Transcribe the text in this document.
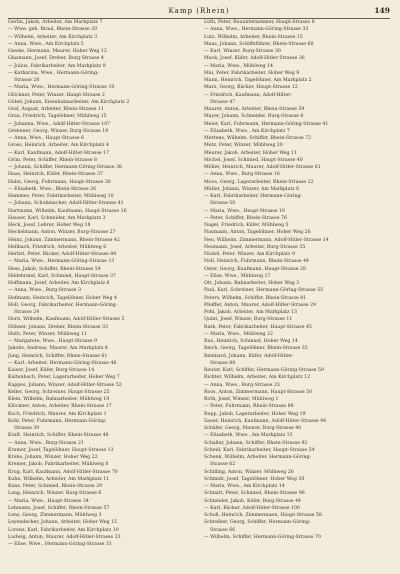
Kamp (Rhein)	149
Gerlin, Jakob, Arbeiter, Am Markplatz 7
— Wwe. geb. Braul, Rhein-Strasse 20
— Wilhelm, Arbeiter, Am Kirchplatz 3
— Anna, Wwe., Am Kirchplatz 5
Gieske, Hermann, Maurer, Hoher Weg 12
Glasmann, Josef, Dreher, Burg-Strasse 4
— Julius, Fabrikarbeiter, Am Markplatz 9
— Katharina, Wwe., Hermann-Göring-
Strasse 28
— Maria, Wwe., Hermann-Göring-Strasse 10
Glöckner, Peter, Winzer, Haupt-Strasse 2
Göbel, Johann, Eisenbahnarbeiter, Am Kirchplatz 2
Graf, August, Arbeiter, Rhein-Strasse 11
Grau, Friedrich, Tagelöhner, Mühlweg 15
— Johanna, Wwe., Adolf-Hitler-Strasse 107
Grebener, Georg, Winzer, Burg-Strasse 19
— Anna, Wwe., Haupt-Strasse 6
Gross, Heinrich, Arbeiter, Am Kirchplatz 4
— Karl, Kaufmann, Adolf-Hitler-Strasse 17
Grün, Peter, Schiffer, Rhein-Strasse 8
— Johann, Schiffer, Hermann-Göring-Strasse 38
Haas, Heinrich, Küfer, Rhein-Strasse 37
Hahn, Georg, Fuhrmann, Haupt-Strasse 30
— Elisabeth, Wwe., Rhein-Strasse 26
Hammes, Peter, Fabrikarbeiter, Mühlweg 10
— Johann, Schuhmacher, Adolf-Hitler-Strasse 41
Hartmann, Wilhelm, Kaufmann, Haupt-Strasse 16
Hauser, Karl, Schneider, Am Markplatz 3
Heck, Josef, Lehrer, Hoher Weg 18
Heckelmann, Anton, Winzer, Burg-Strasse 27
Heinz, Johann, Zimmermann, Rhein-Strasse 42
Hellbach, Friedrich, Arbeiter, Mühlweg 6
Herbst, Peter, Bäcker, Adolf-Hitler-Strasse 84
— Maria, Wwe., Hermann-Göring-Strasse 13
Hess, Jakob, Schiffer, Rhein-Strasse 54
Hildebrand, Karl, Schmied, Haupt-Strasse 37
Hoffmann, Josef, Arbeiter, Am Kirchplatz 6
— Anna, Wwe., Burg-Strasse 3
Hofmann, Heinrich, Tagelöhner, Hoher Weg 4
Holl, Georg, Fabrikarbeiter, Hermann-Göring-
Strasse 24
Horn, Wilhelm, Kaufmann, Adolf-Hitler-Strasse 5
Hübner, Johann, Dreher, Rhein-Strasse 33
Huth, Peter, Winzer, Mühlweg 11
— Margarete, Wwe., Haupt-Strasse 9
Jakobs, Andreas, Maurer, Am Markplatz 8
Jung, Heinrich, Schiffer, Rhein-Strasse 61
— Karl, Arbeiter, Hermann-Göring-Strasse 46
Kaiser, Josef, Küfer, Burg-Strasse 14
Kaltenbach, Peter, Lagerarbeiter, Hoher Weg 7
Kappes, Johann, Winzer, Adolf-Hitler-Strasse 52
Keller, Georg, Schreiner, Haupt-Strasse 25
Klein, Wilhelm, Bahnarbeiter, Mühlweg 19
Klöckner, Anton, Arbeiter, Rhein-Strasse 17
Koch, Friedrich, Maurer, Am Kirchplatz 1
Kohl, Peter, Fuhrmann, Hermann-Göring-
Strasse 39
Kraft, Heinrich, Schiffer, Rhein-Strasse 48
— Anna, Wwe., Burg-Strasse 21
Kramer, Josef, Tagelöhner, Haupt-Strasse 13
Krebs, Johann, Winzer, Hoher Weg 22
Kremer, Jakob, Fabrikarbeiter, Mühlweg 8
Krug, Karl, Kaufmann, Adolf-Hitler-Strasse 70
Kuhn, Wilhelm, Arbeiter, Am Markplatz 11
Kunz, Peter, Schmied, Rhein-Strasse 29
Lang, Heinrich, Winzer, Burg-Strasse 6
— Maria, Wwe., Haupt-Strasse 34
Lehmann, Josef, Schiffer, Rhein-Strasse 57
Lenz, Georg, Zimmermann, Mühlweg 3
Leyendecker, Johann, Arbeiter, Hoher Weg 15
Lorenz, Karl, Fabrikarbeiter, Am Kirchplatz 10
Ludwig, Anton, Maurer, Adolf-Hitler-Strasse 23
— Elise, Wwe., Hermann-Göring-Strasse 31
Lüth, Peter, Bauunternehmer, Haupt-Strasse 8
— Anna, Wwe., Hermann-Göring-Strasse 33
Lutz, Wilhelm, Arbeiter, Rhein-Strasse 15
Maas, Johann, Schiffsführer, Rhein-Strasse 68
— Karl, Winzer, Burg-Strasse 30
Mack, Josef, Küfer, Adolf-Hitler-Strasse 36
— Maria, Wwe., Mühlweg 14
Mai, Peter, Fabrikarbeiter, Hoher Weg 9
Mann, Heinrich, Tagelöhner, Am Markplatz 2
Marx, Georg, Bäcker, Haupt-Strasse 12
— Friedrich, Kaufmann, Adolf-Hitler-
Strasse 47
Maurer, Anton, Arbeiter, Rhein-Strasse 39
Mayer, Johann, Schneider, Burg-Strasse 8
Meier, Karl, Fuhrmann, Hermann-Göring-Strasse 41
— Elisabeth, Wwe., Am Kirchplatz 7
Mertens, Wilhelm, Schiffer, Rhein-Strasse 72
Metz, Peter, Winzer, Mühlweg 20
Meurer, Jakob, Arbeiter, Hoher Weg 11
Michel, Josef, Schmied, Haupt-Strasse 40
Möller, Heinrich, Maurer, Adolf-Hitler-Strasse 61
— Anna, Wwe., Burg-Strasse 16
Moos, Georg, Lagerarbeiter, Rhein-Strasse 22
Müller, Johann, Winzer, Am Markplatz 6
— Karl, Fabrikarbeiter, Hermann-Göring-
Strasse 50
— Maria, Wwe., Haupt-Strasse 19
— Peter, Schiffer, Rhein-Strasse 76
Nagel, Friedrich, Küfer, Mühlweg 5
Naumann, Anton, Tagelöhner, Hoher Weg 26
Neu, Wilhelm, Zimmermann, Adolf-Hitler-Strasse 14
Neumann, Josef, Arbeiter, Burg-Strasse 35
Nickel, Peter, Winzer, Am Kirchplatz 9
Noll, Heinrich, Fuhrmann, Rhein-Strasse 44
Oster, Georg, Kaufmann, Haupt-Strasse 28
— Elise, Wwe., Mühlweg 17
Ott, Johann, Bahnarbeiter, Hoher Weg 3
Paul, Karl, Schreiner, Hermann-Göring-Strasse 55
Peters, Wilhelm, Schiffer, Rhein-Strasse 81
Pfeiffer, Anton, Maurer, Adolf-Hitler-Strasse 29
Pohl, Jakob, Arbeiter, Am Markplatz 13
Quint, Josef, Winzer, Burg-Strasse 11
Rath, Peter, Fabrikarbeiter, Haupt-Strasse 45
— Maria, Wwe., Mühlweg 22
Rau, Heinrich, Schmied, Hoher Weg 14
Reich, Georg, Tagelöhner, Rhein-Strasse 35
Reinhard, Johann, Küfer, Adolf-Hitler-
Strasse 88
Reuter, Karl, Schiffer, Hermann-Göring-Strasse 59
Richter, Wilhelm, Arbeiter, Am Kirchplatz 12
— Anna, Wwe., Burg-Strasse 23
Roos, Anton, Zimmermann, Haupt-Strasse 50
Roth, Josef, Winzer, Mühlweg 1
— Peter, Fuhrmann, Rhein-Strasse 88
Rupp, Jakob, Lagerarbeiter, Hoher Weg 19
Sauer, Heinrich, Kaufmann, Adolf-Hitler-Strasse 94
Schäfer, Georg, Maurer, Burg-Strasse 40
— Elisabeth, Wwe., Am Markplatz 15
Schaller, Johann, Schiffer, Rhein-Strasse 92
Scheid, Karl, Fabrikarbeiter, Haupt-Strasse 54
Schenk, Wilhelm, Arbeiter, Hermann-Göring-
Strasse 62
Schilling, Anton, Winzer, Mühlweg 26
Schmidt, Josef, Tagelöhner, Hoher Weg 30
— Maria, Wwe., Am Kirchplatz 14
Schmitt, Peter, Schmied, Rhein-Strasse 96
Schneider, Jakob, Küfer, Burg-Strasse 44
— Karl, Bäcker, Adolf-Hitler-Strasse 100
Scholl, Heinrich, Zimmermann, Haupt-Strasse 58
Schreiber, Georg, Schiffer, Hermann-Göring-
Strasse 66
— Wilhelm, Schiffer, Hermann-Göring-Strasse 70
